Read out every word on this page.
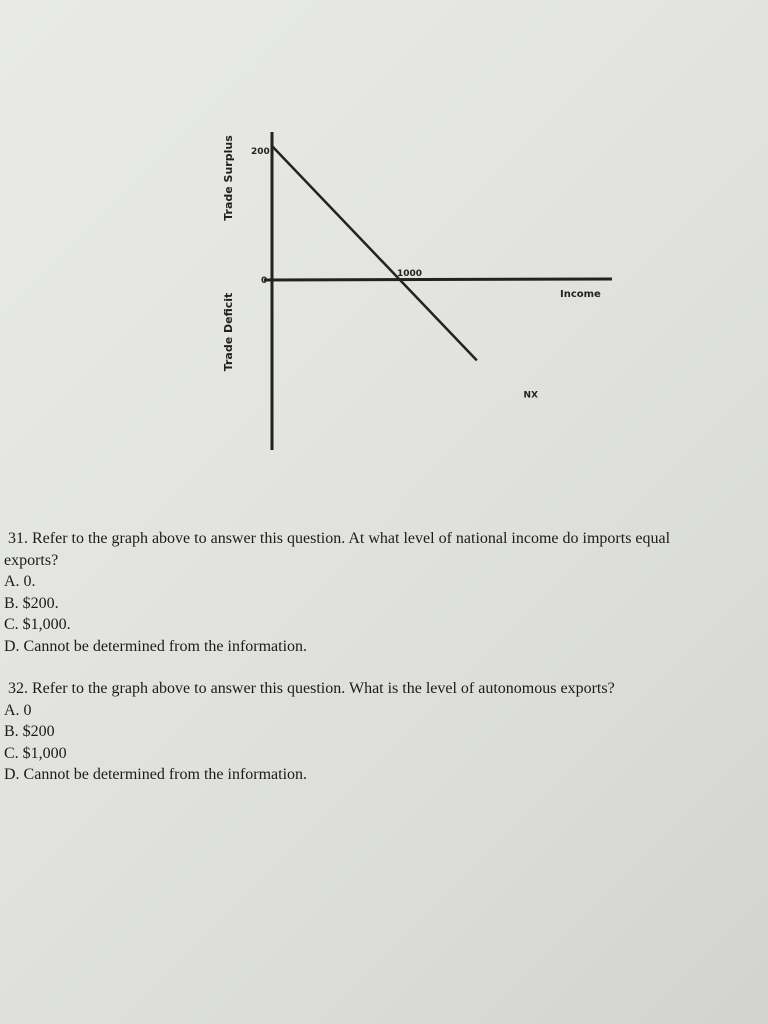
Trade Surplus
Trade Deficit
200
0
1000
Income
XN
31. Refer to the graph above to answer this question. At what level of national income do imports equal
exports?
A. 0.
B. $200.
C. $1,000.
D. Cannot be determined from the information.
32. Refer to the graph above to answer this question. What is the level of autonomous exports?
A. 0
B. $200
C. $1,000
D. Cannot be determined from the information.
